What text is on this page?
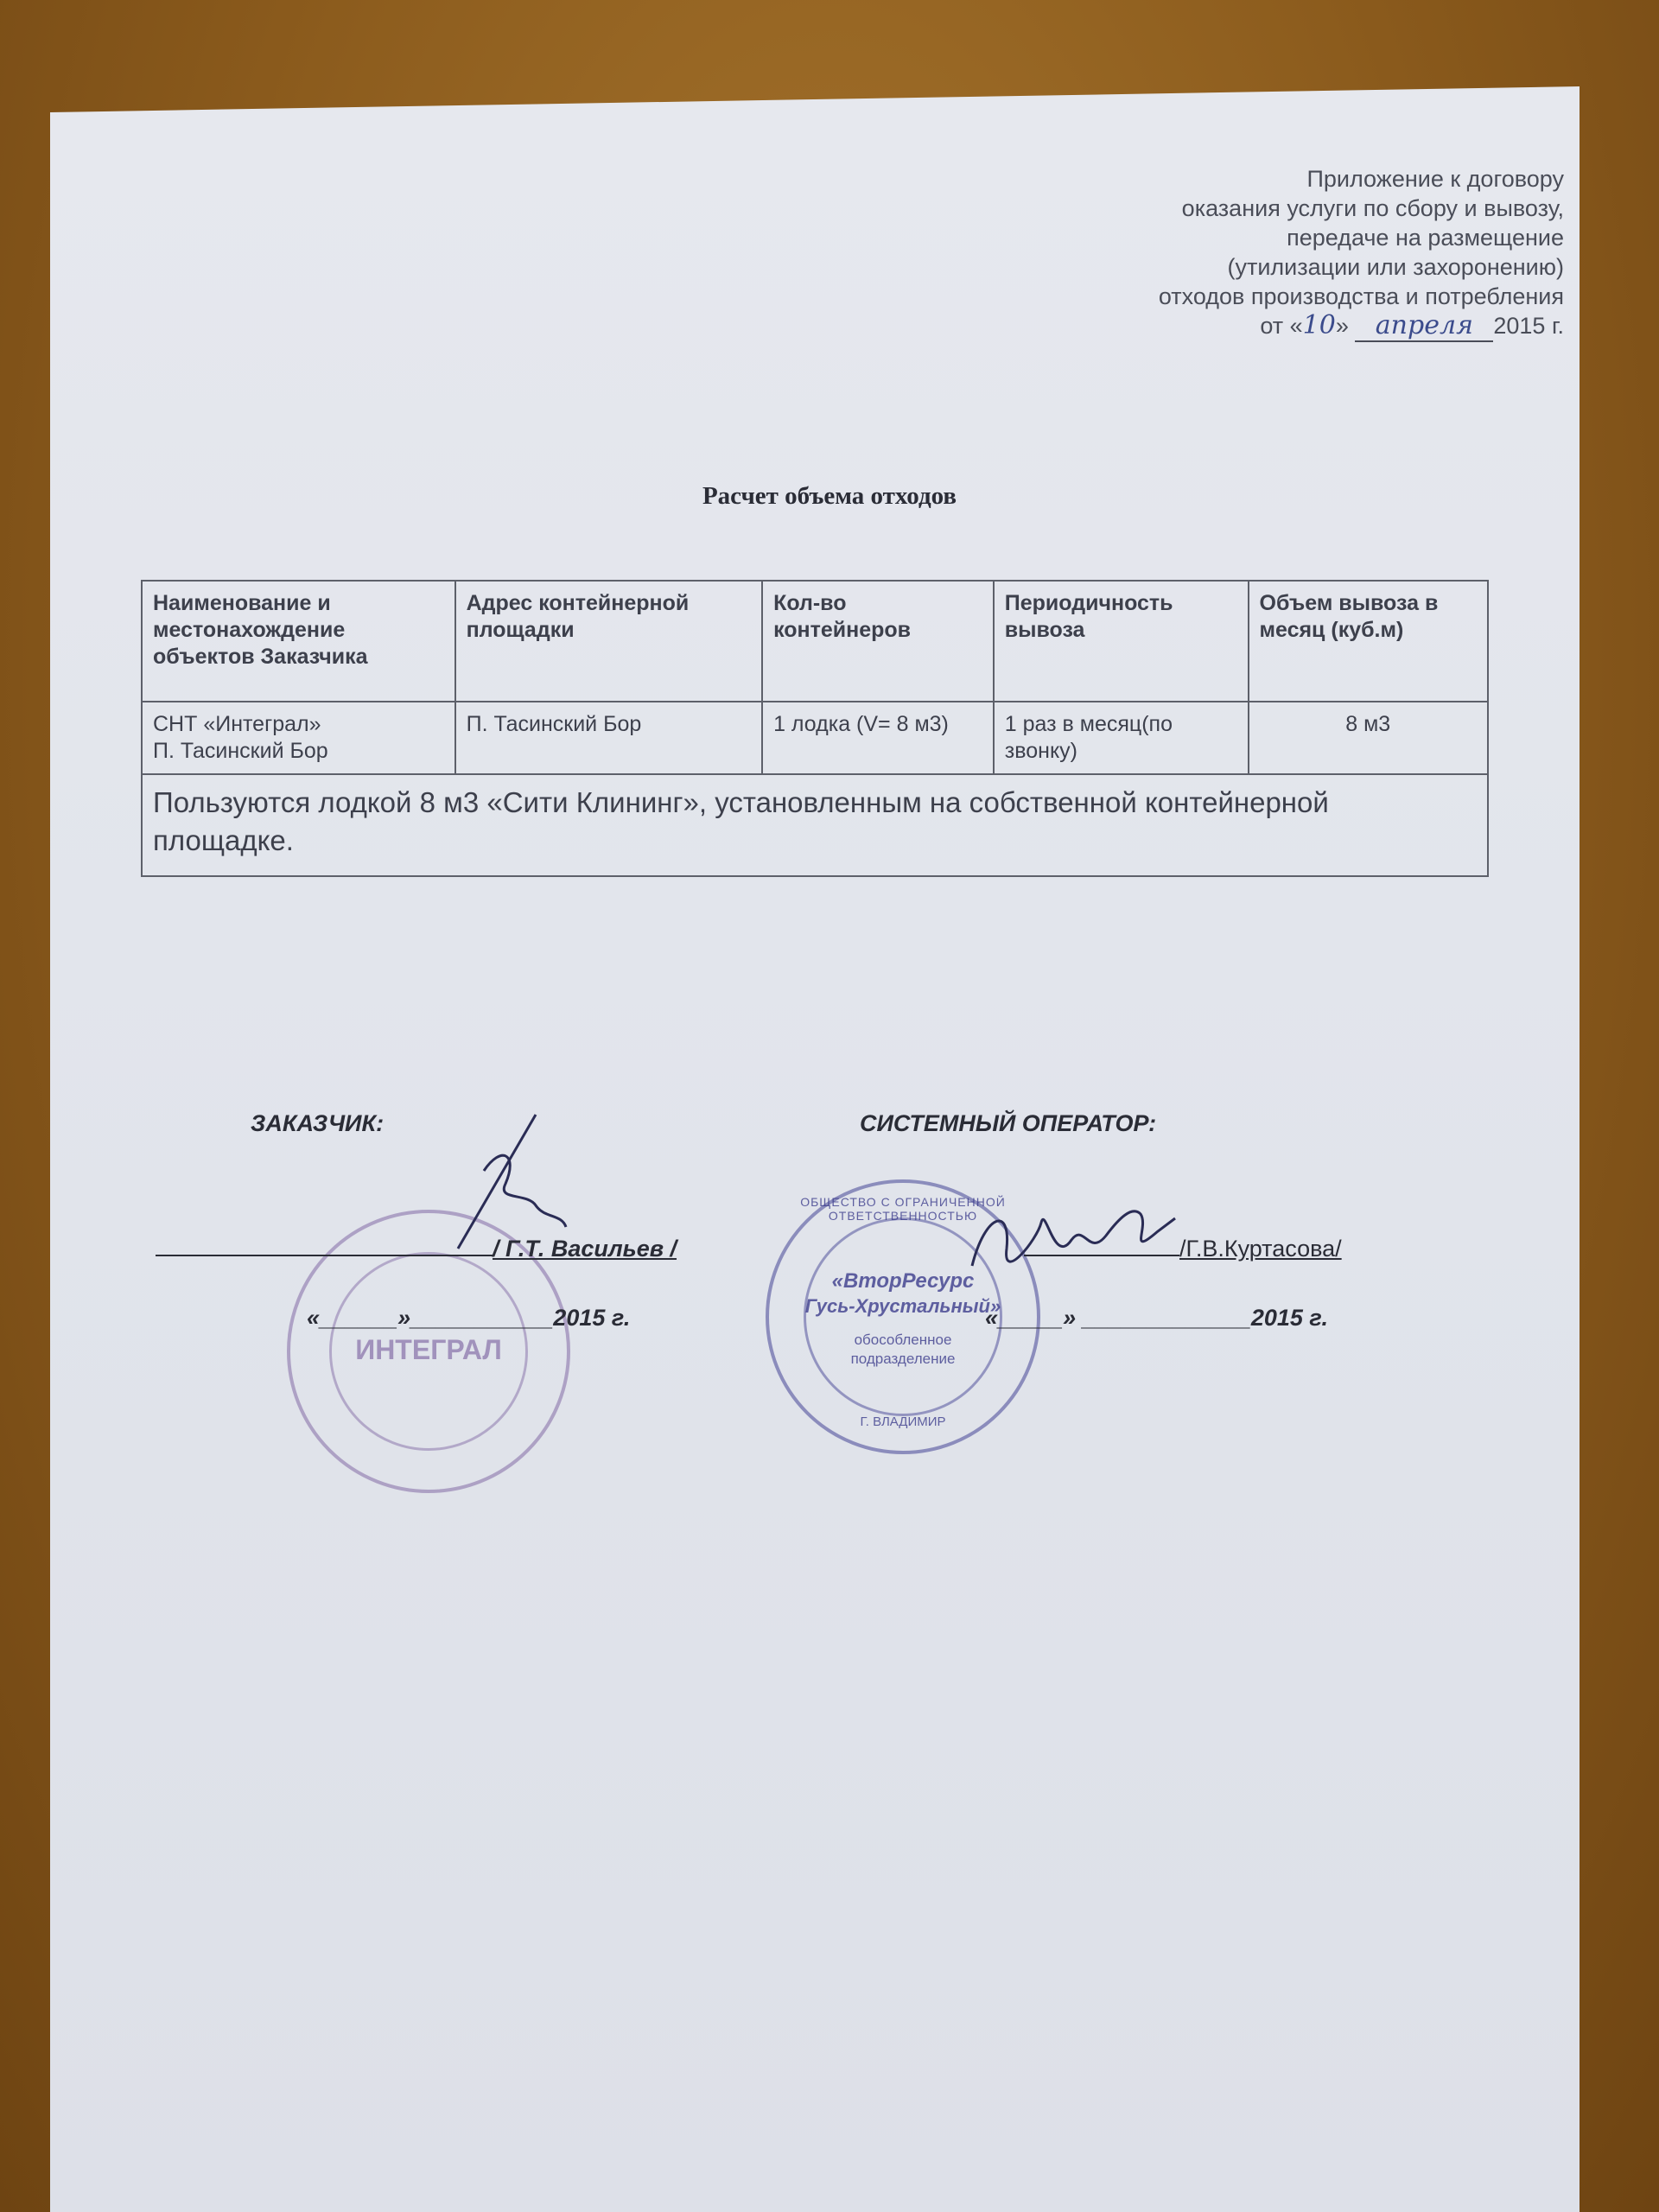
Приложение к договору
оказания услуги по сбору и вывозу,
передаче на размещение
(утилизации или захоронению)
отходов производства и потребления
от «10» апреля 2015 г.
Расчет объема отходов
Наименование и местонахождение объектов Заказчика	Адрес контейнерной площадки	Кол-во контейнеров	Периодичность вывоза	Объем вывоза в месяц (куб.м)

СНТ «Интеграл»
П. Тасинский Бор	П. Тасинский Бор	1 лодка (V= 8 м3)	1 раз в месяц(по звонку)	8 м3
Пользуются лодкой 8 м3 «Сити Клининг», установленным на собственной контейнерной площадке.				
ЗАКАЗЧИК:
ИНТЕГРАЛ
/ Г.Т. Васильев /
«______»___________2015 г.
СИСТЕМНЫЙ ОПЕРАТОР:
ОБЩЕСТВО С ОГРАНИЧЕННОЙ ОТВЕТСТВЕННОСТЬЮ
«ВторРесурс
Гусь-Хрустальный»
обособленное
подразделение
Г. ВЛАДИМИР
/Г.В.Куртасова/
«_____» _____________2015 г.
